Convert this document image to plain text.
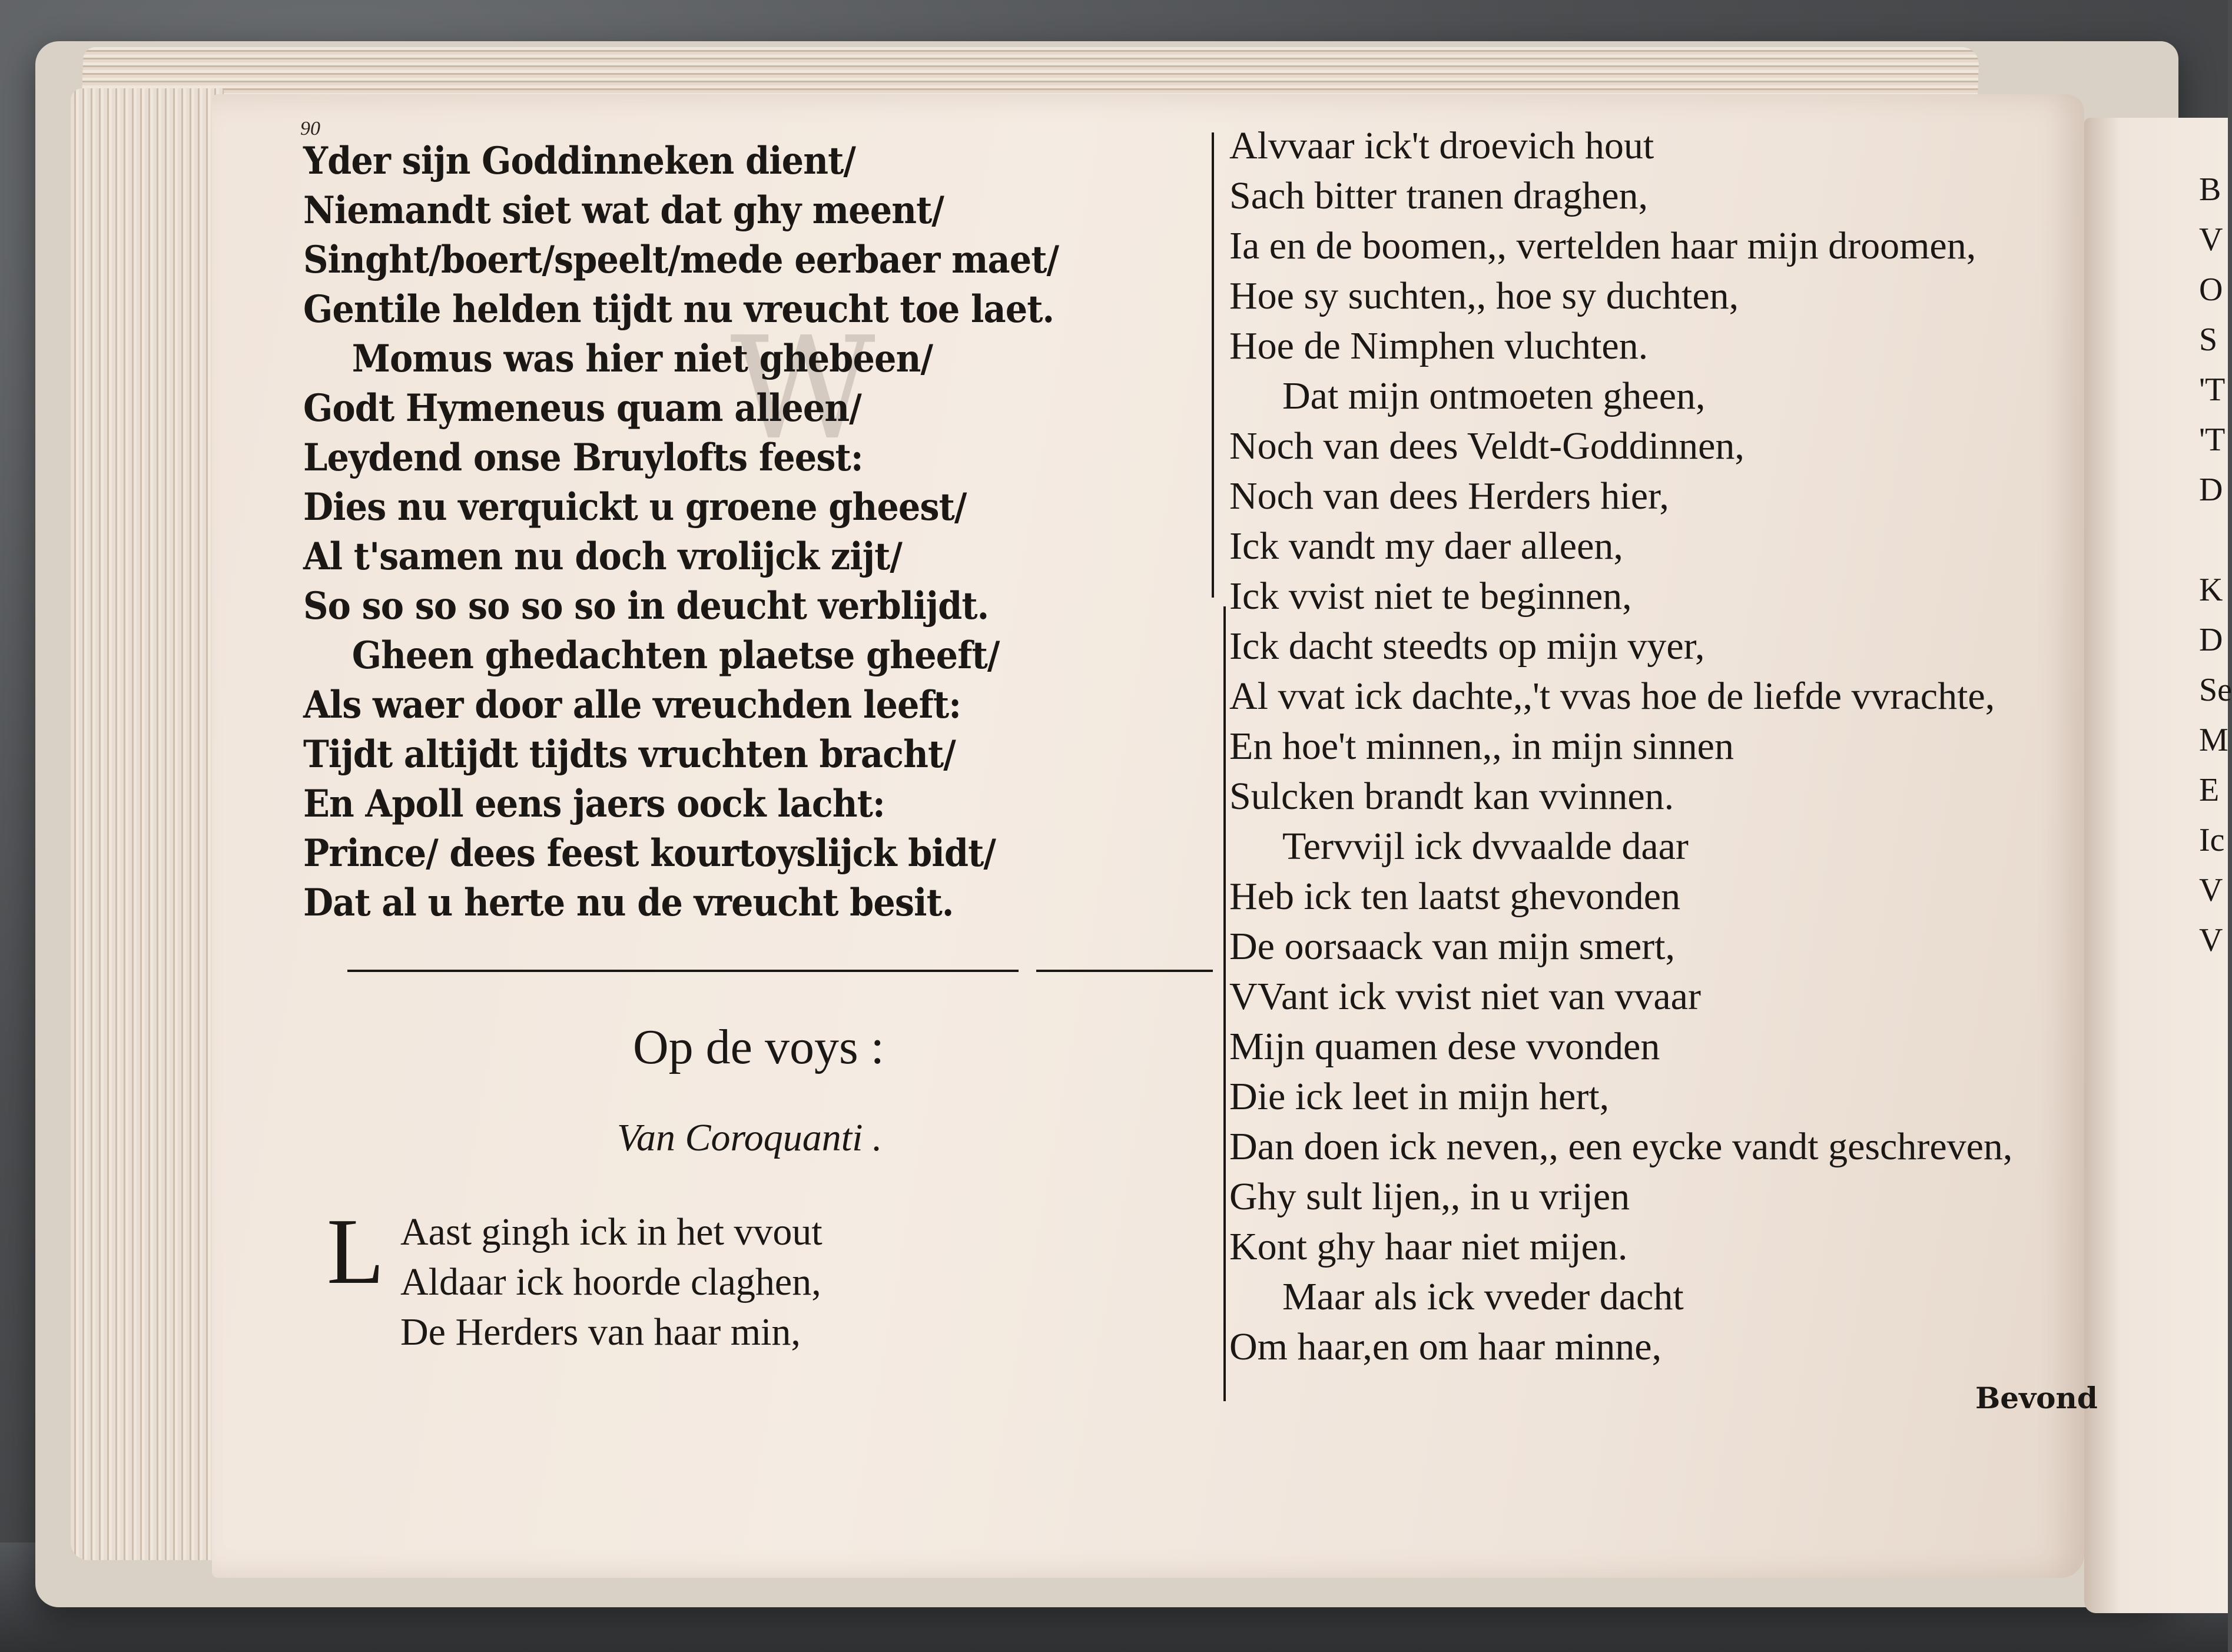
W
90
Yder sijn Goddinneken dient/
Niemandt siet wat dat ghy meent/
Singht/boert/speelt/mede eerbaer maet/
Gentile helden tijdt nu vreucht toe laet.
Momus was hier niet ghebeen/
Godt Hymeneus quam alleen/
Leydend onse Bruylofts feest:
Dies nu verquickt u groene gheest/
Al t'samen nu doch vrolijck zijt/
So so so so so so in deucht verblijdt.
Gheen ghedachten plaetse gheeft/
Als waer door alle vreuchden leeft:
Tijdt altijdt tijdts vruchten bracht/
En Apoll eens jaers oock lacht:
Prince/ dees feest kourtoyslijck bidt/
Dat al u herte nu de vreucht besit.
Op de voys :
Van Coroquanti .
L Aast gingh ick in het vvout
Aldaar ick hoorde claghen,
De Herders van haar min,
Alvvaar ick't droevich hout
Sach bitter tranen draghen,
Ia en de boomen,, vertelden haar mijn droomen,
Hoe sy suchten,, hoe sy duchten,
Hoe de Nimphen vluchten.
Dat mijn ontmoeten gheen,
Noch van dees Veldt-Goddinnen,
Noch van dees Herders hier,
Ick vandt my daer alleen,
Ick vvist niet te beginnen,
Ick dacht steedts op mijn vyer,
Al vvat ick dachte,,'t vvas hoe de liefde vvrachte,
En hoe't minnen,, in mijn sinnen
Sulcken brandt kan vvinnen.
Tervvijl ick dvvaalde daar
Heb ick ten laatst ghevonden
De oorsaack van mijn smert,
VVant ick vvist niet van vvaar
Mijn quamen dese vvonden
Die ick leet in mijn hert,
Dan doen ick neven,, een eycke vandt geschreven,
Ghy sult lijen,, in u vrijen
Kont ghy haar niet mijen.
Maar als ick vveder dacht
Om haar,en om haar minne,
Bevond
B
V
O
S
'T
'T
D
K
D
Se
M
E
Ic
V
V
